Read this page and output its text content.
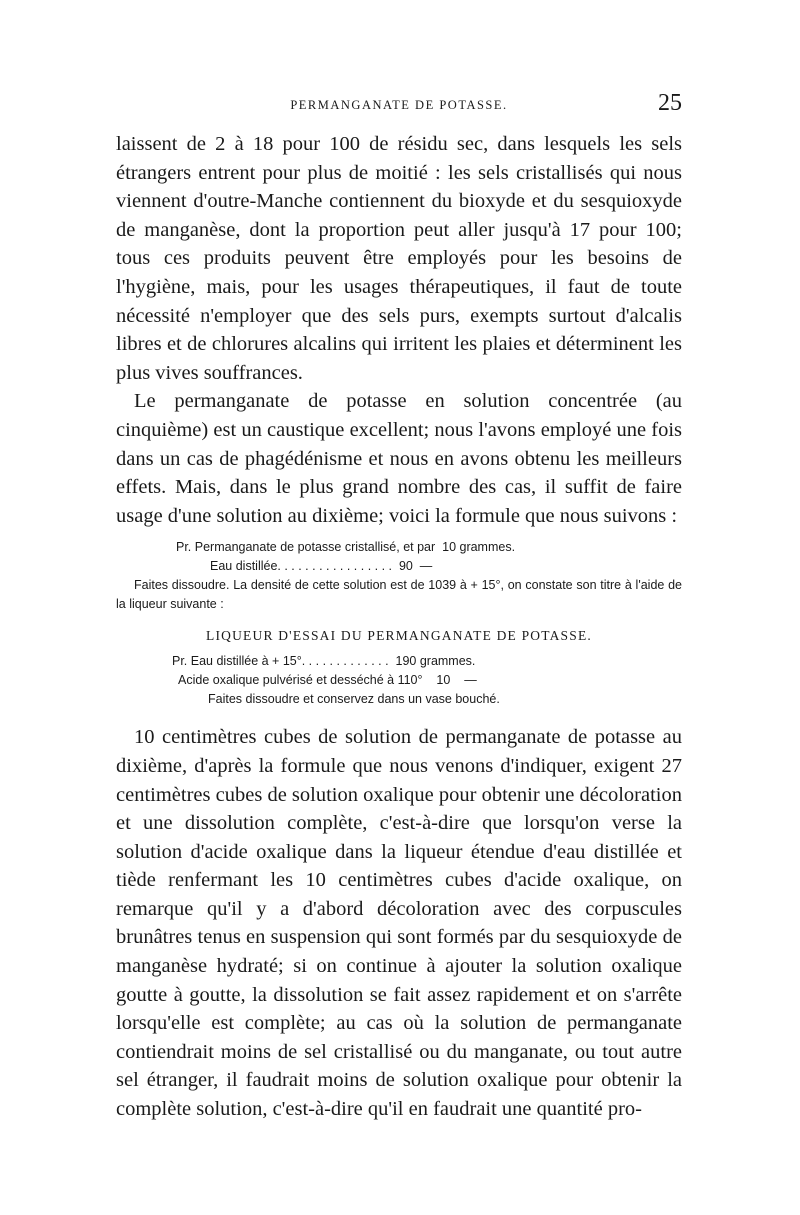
PERMANGANATE DE POTASSE.	25

laissent de 2 à 18 pour 100 de résidu sec, dans lesquels les sels étrangers entrent pour plus de moitié : les sels cristallisés qui nous viennent d'outre-Manche contiennent du bioxyde et du sesquioxyde de manganèse, dont la proportion peut aller jusqu'à 17 pour 100; tous ces produits peuvent être employés pour les besoins de l'hygiène, mais, pour les usages thérapeutiques, il faut de toute nécessité n'employer que des sels purs, exempts surtout d'alcalis libres et de chlorures alcalins qui irritent les plaies et déterminent les plus vives souffrances.

Le permanganate de potasse en solution concentrée (au cinquième) est un caustique excellent; nous l'avons employé une fois dans un cas de phagédénisme et nous en avons obtenu les meilleurs effets. Mais, dans le plus grand nombre des cas, il suffit de faire usage d'une solution au dixième; voici la formule que nous suivons :

Pr. Permanganate de potasse cristallisé, et par  10 grammes.

Eau distillée. . . . . . . . . . . . . . . . .  90  —

Faites dissoudre. La densité de cette solution est de 1039 à + 15°, on constate son titre à l'aide de la liqueur suivante :

LIQUEUR D'ESSAI DU PERMANGANATE DE POTASSE.

Pr. Eau distillée à + 15°. . . . . . . . . . . . .  190 grammes.

Acide oxalique pulvérisé et desséché à 110°    10    —

Faites dissoudre et conservez dans un vase bouché.

10 centimètres cubes de solution de permanganate de potasse au dixième, d'après la formule que nous venons d'indiquer, exigent 27 centimètres cubes de solution oxalique pour obtenir une décoloration et une dissolution complète, c'est-à-dire que lorsqu'on verse la solution d'acide oxalique dans la liqueur étendue d'eau distillée et tiède renfermant les 10 centimètres cubes d'acide oxalique, on remarque qu'il y a d'abord décoloration avec des corpuscules brunâtres tenus en suspension qui sont formés par du sesquioxyde de manganèse hydraté; si on continue à ajouter la solution oxalique goutte à goutte, la dissolution se fait assez rapidement et on s'arrête lorsqu'elle est complète; au cas où la solution de permanganate contiendrait moins de sel cristallisé ou du manganate, ou tout autre sel étranger, il faudrait moins de solution oxalique pour obtenir la complète solution, c'est-à-dire qu'il en faudrait une quantité pro-
